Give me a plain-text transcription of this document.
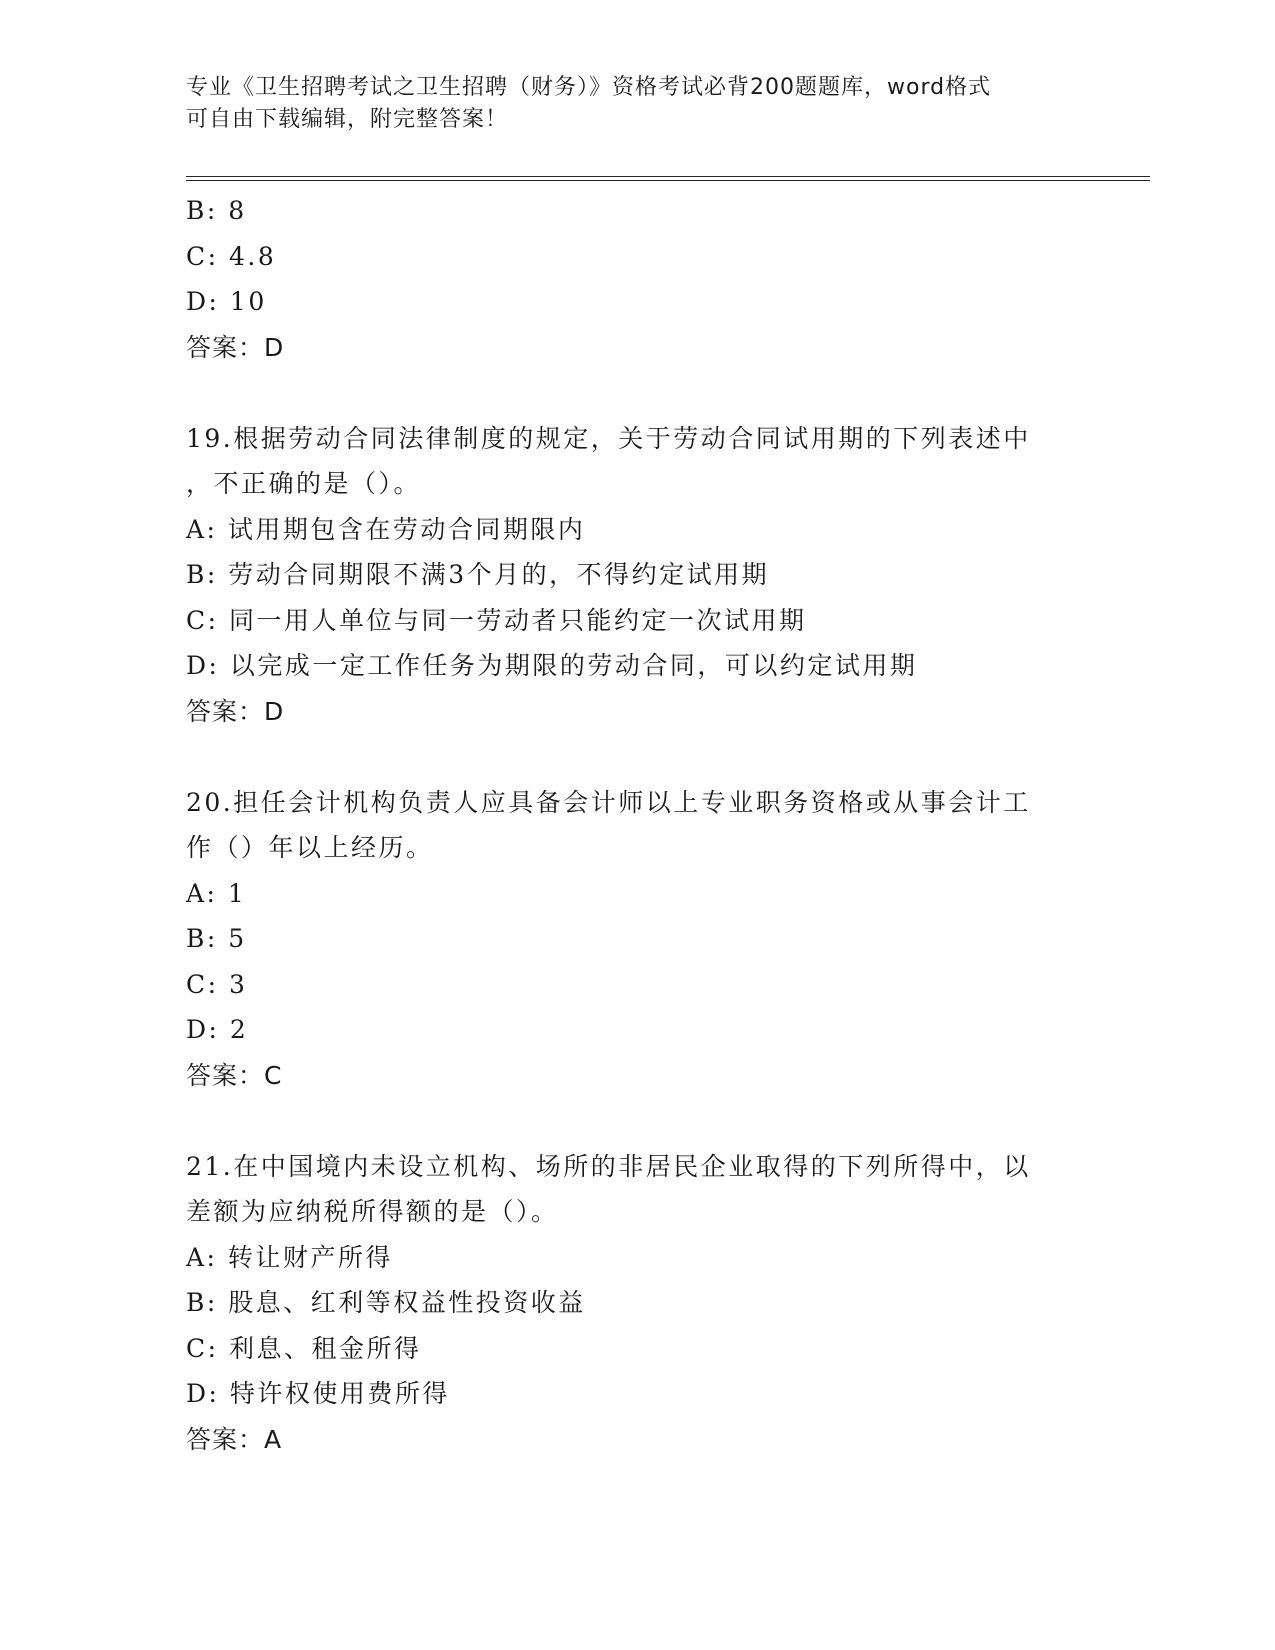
专业《卫生招聘考试之卫生招聘（财务）》资格考试必背200题题库，word格式
可自由下载编辑，附完整答案！
B: 8
C: 4.8
D: 10
答案：D
19.根据劳动合同法律制度的规定，关于劳动合同试用期的下列表述中
，不正确的是（）。
A: 试用期包含在劳动合同期限内
B: 劳动合同期限不满3个月的，不得约定试用期
C: 同一用人单位与同一劳动者只能约定一次试用期
D: 以完成一定工作任务为期限的劳动合同，可以约定试用期
答案：D
20.担任会计机构负责人应具备会计师以上专业职务资格或从事会计工
作（）年以上经历。
A: 1
B: 5
C: 3
D: 2
答案：C
21.在中国境内未设立机构、场所的非居民企业取得的下列所得中，以
差额为应纳税所得额的是（）。
A: 转让财产所得
B: 股息、红利等权益性投资收益
C: 利息、租金所得
D: 特许权使用费所得
答案：A
